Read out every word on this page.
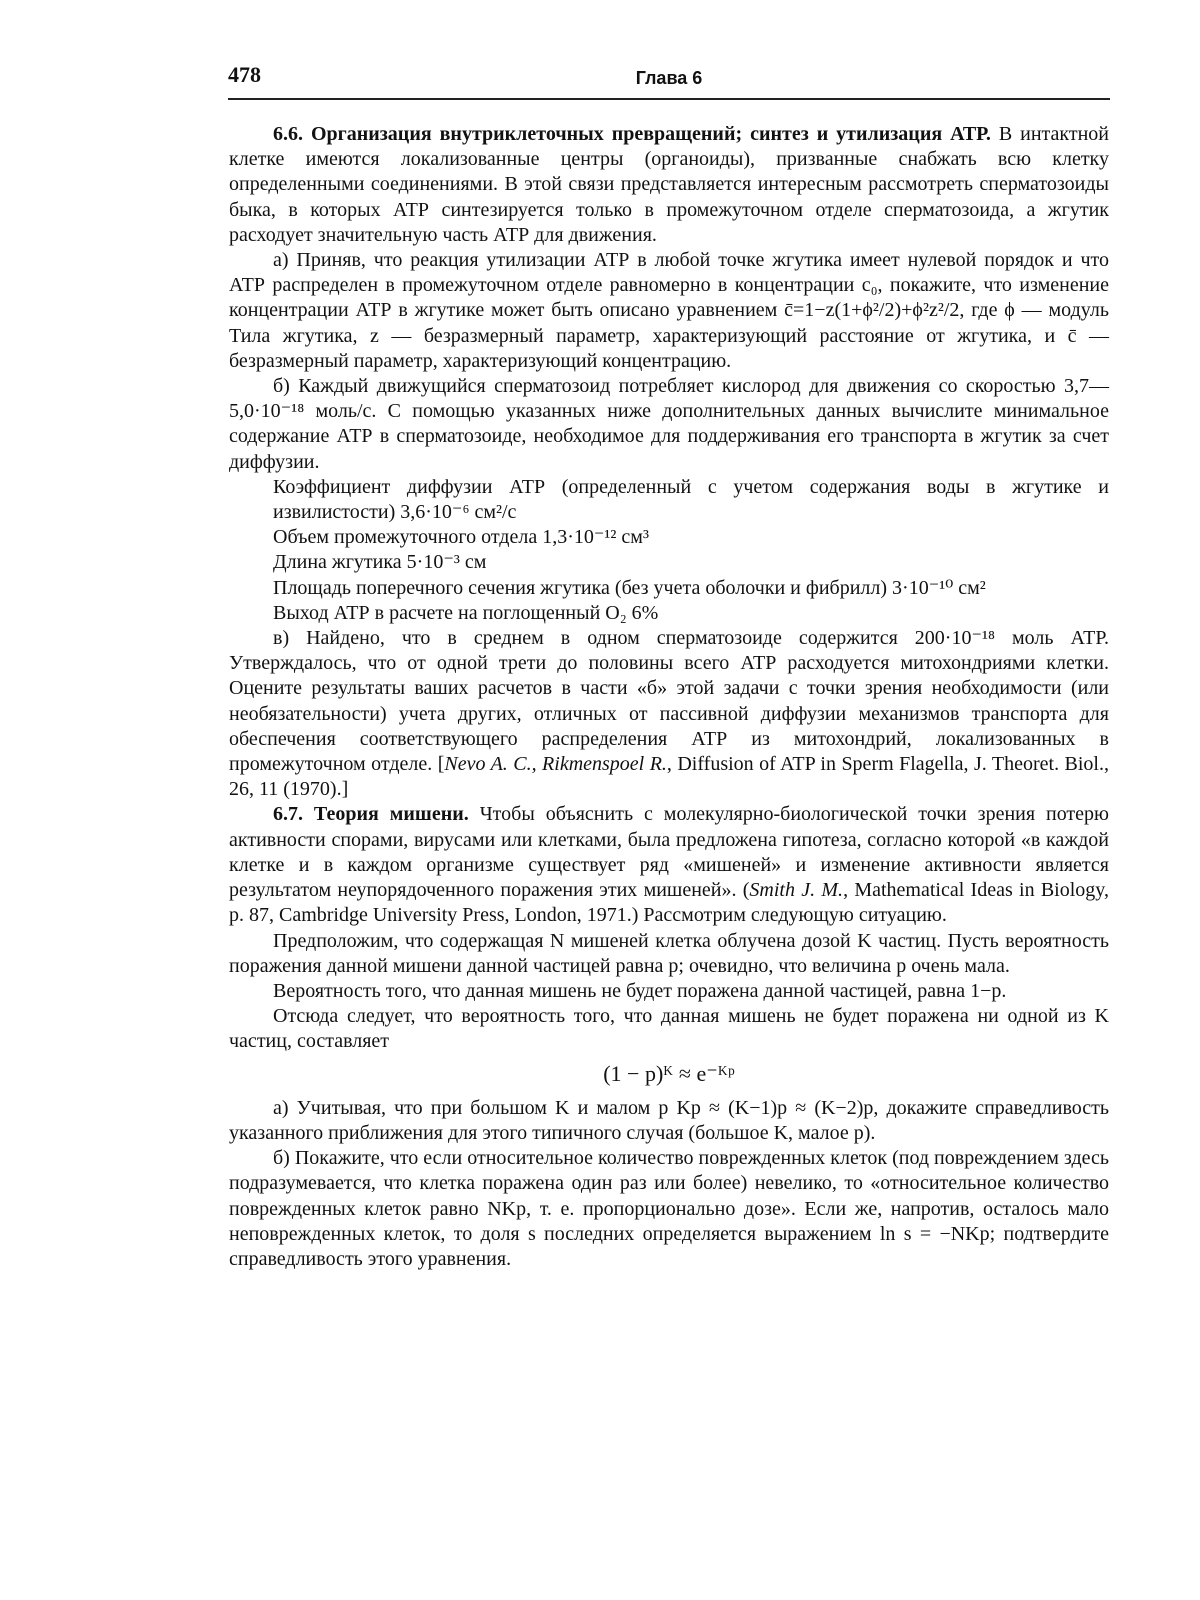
478	Глава 6

6.6. Организация внутриклеточных превращений; синтез и утилизация АТР. В интактной клетке имеются локализованные центры (органоиды), призванные снабжать всю клетку определенными соединениями. В этой связи представляется интересным рассмотреть сперматозоиды быка, в которых АТР синтезируется только в промежуточном отделе сперматозоида, а жгутик расходует значительную часть АТР для движения.

а) Приняв, что реакция утилизации АТР в любой точке жгутика имеет нулевой порядок и что АТР распределен в промежуточном отделе равномерно в концентрации c₀, покажите, что изменение концентрации АТР в жгутике может быть описано уравнением c̄=1−z(1+ϕ²/2)+ϕ²z²/2, где ϕ — модуль Тила жгутика, z — безразмерный параметр, характеризующий расстояние от жгутика, и c̄ — безразмерный параметр, характеризующий концентрацию.

б) Каждый движущийся сперматозоид потребляет кислород для движения со скоростью 3,7—5,0·10⁻¹⁸ моль/с. С помощью указанных ниже дополнительных данных вычислите минимальное содержание АТР в сперматозоиде, необходимое для поддерживания его транспорта в жгутик за счет диффузии.

Коэффициент диффузии АТР (определенный с учетом содержания воды в жгутике и извилистости) 3,6·10⁻⁶ см²/с

Объем промежуточного отдела 1,3·10⁻¹² см³

Длина жгутика 5·10⁻³ см

Площадь поперечного сечения жгутика (без учета оболочки и фибрилл) 3·10⁻¹⁰ см²

Выход АТР в расчете на поглощенный O₂ 6%

в) Найдено, что в среднем в одном сперматозоиде содержится 200·10⁻¹⁸ моль АТР. Утверждалось, что от одной трети до половины всего АТР расходуется митохондриями клетки. Оцените результаты ваших расчетов в части «б» этой задачи с точки зрения необходимости (или необязательности) учета других, отличных от пассивной диффузии механизмов транспорта для обеспечения соответствующего распределения АТР из митохондрий, локализованных в промежуточном отделе. [Nevo A. C., Rikmenspoel R., Diffusion of ATP in Sperm Flagella, J. Theoret. Biol., 26, 11 (1970).]

6.7. Теория мишени. Чтобы объяснить с молекулярно-биологической точки зрения потерю активности спорами, вирусами или клетками, была предложена гипотеза, согласно которой «в каждой клетке и в каждом организме существует ряд «мишеней» и изменение активности является результатом неупорядоченного поражения этих мишеней». (Smith J. M., Mathematical Ideas in Biology, p. 87, Cambridge University Press, London, 1971.) Рассмотрим следующую ситуацию.

Предположим, что содержащая N мишеней клетка облучена дозой K частиц. Пусть вероятность поражения данной мишени данной частицей равна p; очевидно, что величина p очень мала.

Вероятность того, что данная мишень не будет поражена данной частицей, равна 1−p.

Отсюда следует, что вероятность того, что данная мишень не будет поражена ни одной из K частиц, составляет

(1 − p)ᴷ ≈ e⁻ᴷᵖ

а) Учитывая, что при большом K и малом p Kp ≈ (K−1)p ≈ (K−2)p, докажите справедливость указанного приближения для этого типичного случая (большое K, малое p).

б) Покажите, что если относительное количество поврежденных клеток (под повреждением здесь подразумевается, что клетка поражена один раз или более) невелико, то «относительное количество поврежденных клеток равно NKp, т. е. пропорционально дозе». Если же, напротив, осталось мало неповрежденных клеток, то доля s последних определяется выражением ln s = −NKp; подтвердите справедливость этого уравнения.
